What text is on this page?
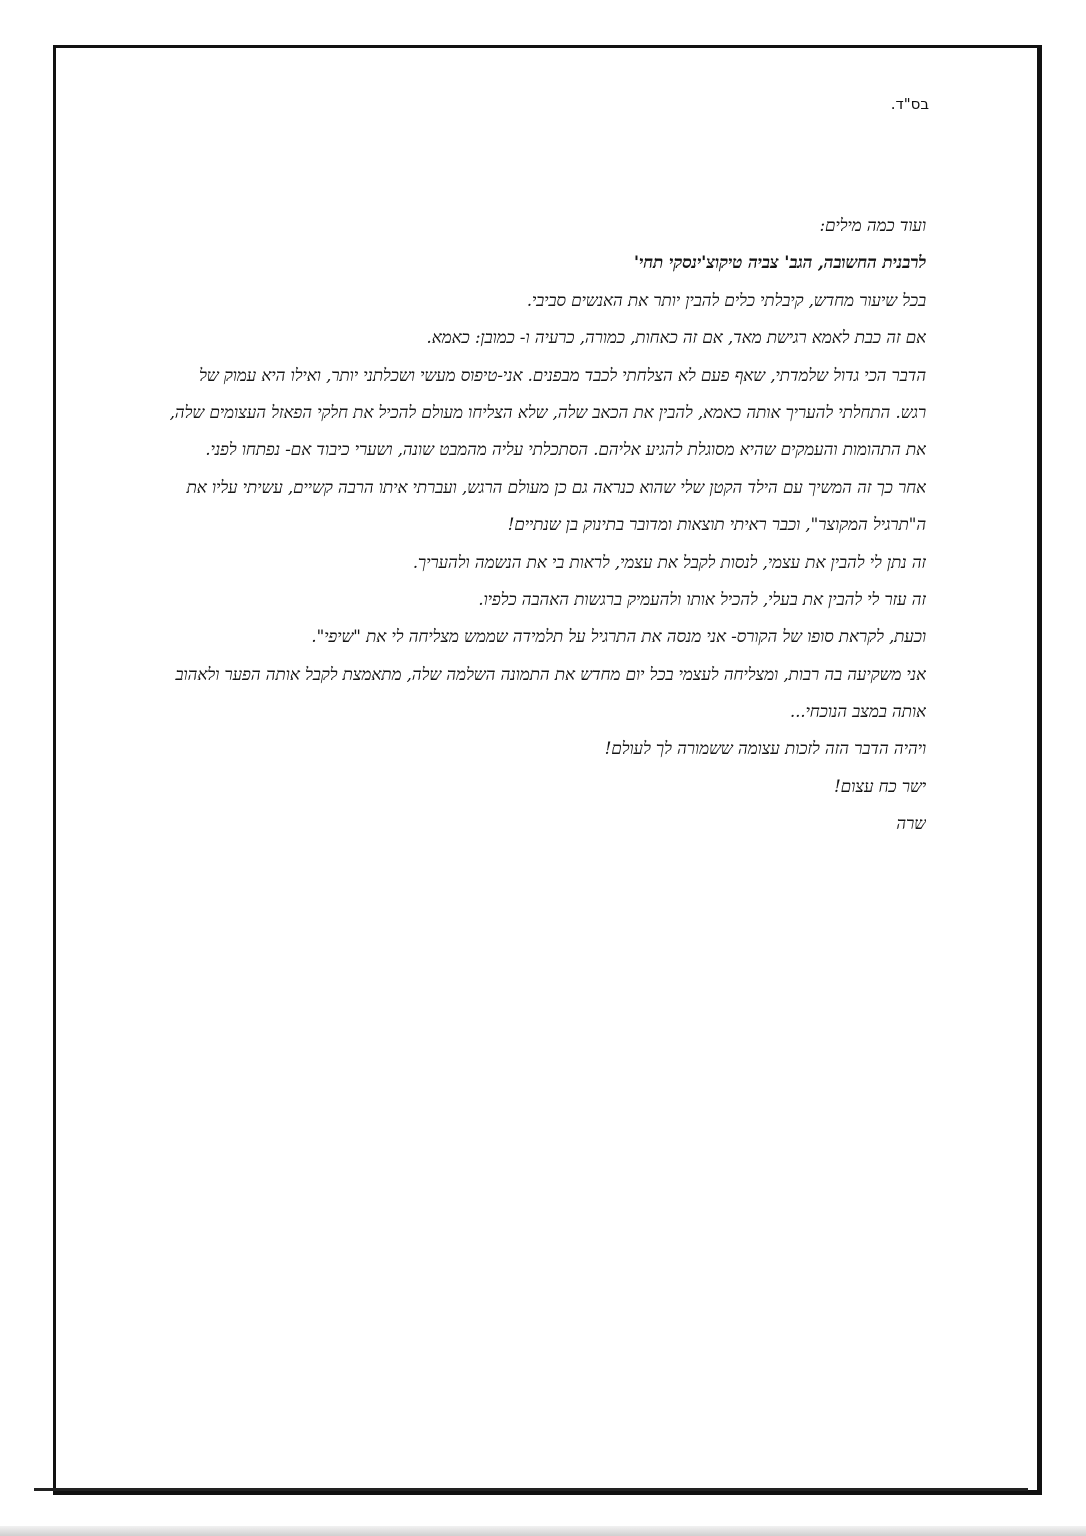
בס"ד.
ועוד כמה מילים:
לרבנית החשובה, הגב' צביה טיקוצ'ינסקי תחי'
בכל שיעור מחדש, קיבלתי כלים להבין יותר את האנשים סביבי.
אם זה כבת לאמא רגישת מאד, אם זה כאחות, כמורה, כרעיה ו- כמובן: כאמא.
הדבר הכי גדול שלמדתי, שאף פעם לא הצלחתי לכבד מבפנים. אני-טיפוס מעשי ושכלתני יותר, ואילו היא עמוק של
רגש. התחלתי להעריך אותה כאמא, להבין את הכאב שלה, שלא הצליחו מעולם להכיל את חלקי הפאזל העצומים שלה,
את התהומות והעמקים שהיא מסוגלת להגיע אליהם. הסתכלתי עליה מהמבט שונה, ושערי כיבוד אם- נפתחו לפני.
אחר כך זה המשיך עם הילד הקטן שלי שהוא כנראה גם כן מעולם הרגש, ועברתי איתו הרבה קשיים, עשיתי עליו את
ה"תרגיל המקוצר", וכבר ראיתי תוצאות ומדובר בתינוק בן שנתיים!
זה נתן לי להבין את עצמי, לנסות לקבל את עצמי, לראות בי את הנשמה ולהעריך.
זה עזר לי להבין את בעלי, להכיל אותו ולהעמיק ברגשות האהבה כלפיו.
וכעת, לקראת סופו של הקורס- אני מנסה את התרגיל על תלמידה שממש מצליחה לי את "שיפי".
אני משקיעה בה רבות, ומצליחה לעצמי בכל יום מחדש את התמונה השלמה שלה, מתאמצת לקבל אותה הפער ולאהוב
אותה במצב הנוכחי...
ויהיה הדבר הזה לזכות עצומה ששמורה לך לעולם!
ישר כח עצום!
שרה
